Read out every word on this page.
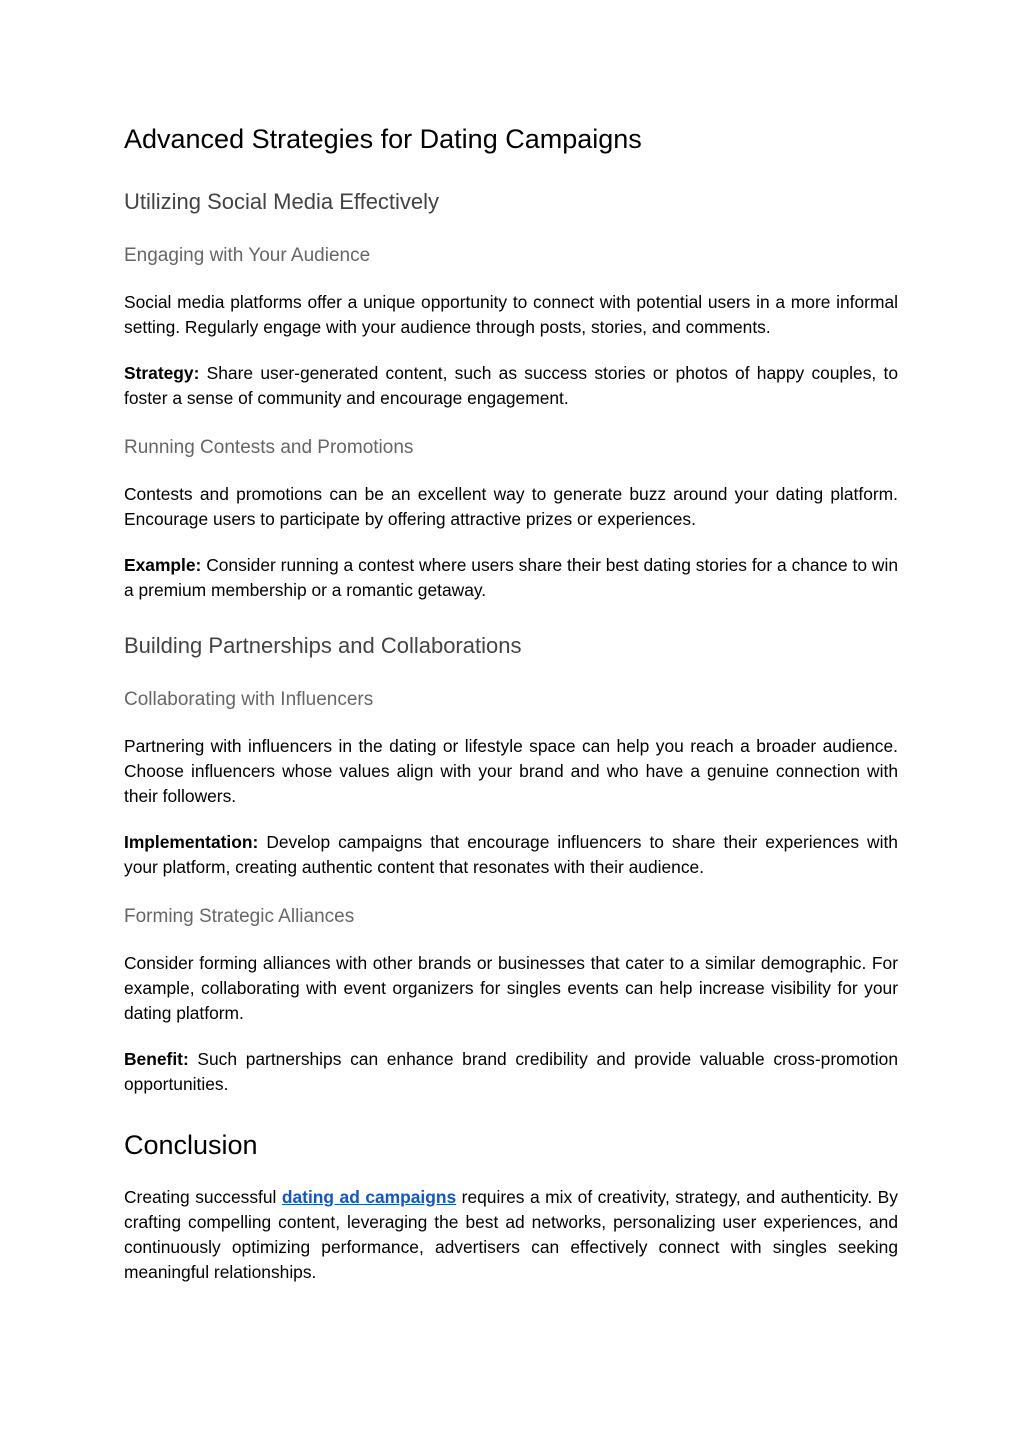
Advanced Strategies for Dating Campaigns
Utilizing Social Media Effectively
Engaging with Your Audience

Social media platforms offer a unique opportunity to connect with potential users in a more informal setting. Regularly engage with your audience through posts, stories, and comments.

Strategy: Share user-generated content, such as success stories or photos of happy couples, to foster a sense of community and encourage engagement.

Running Contests and Promotions

Contests and promotions can be an excellent way to generate buzz around your dating platform. Encourage users to participate by offering attractive prizes or experiences.

Example: Consider running a contest where users share their best dating stories for a chance to win a premium membership or a romantic getaway.

Building Partnerships and Collaborations
Collaborating with Influencers

Partnering with influencers in the dating or lifestyle space can help you reach a broader audience. Choose influencers whose values align with your brand and who have a genuine connection with their followers.

Implementation: Develop campaigns that encourage influencers to share their experiences with your platform, creating authentic content that resonates with their audience.

Forming Strategic Alliances

Consider forming alliances with other brands or businesses that cater to a similar demographic. For example, collaborating with event organizers for singles events can help increase visibility for your dating platform.

Benefit: Such partnerships can enhance brand credibility and provide valuable cross-promotion opportunities.

Conclusion

Creating successful dating ad campaigns requires a mix of creativity, strategy, and authenticity. By crafting compelling content, leveraging the best ad networks, personalizing user experiences, and continuously optimizing performance, advertisers can effectively connect with singles seeking meaningful relationships.
